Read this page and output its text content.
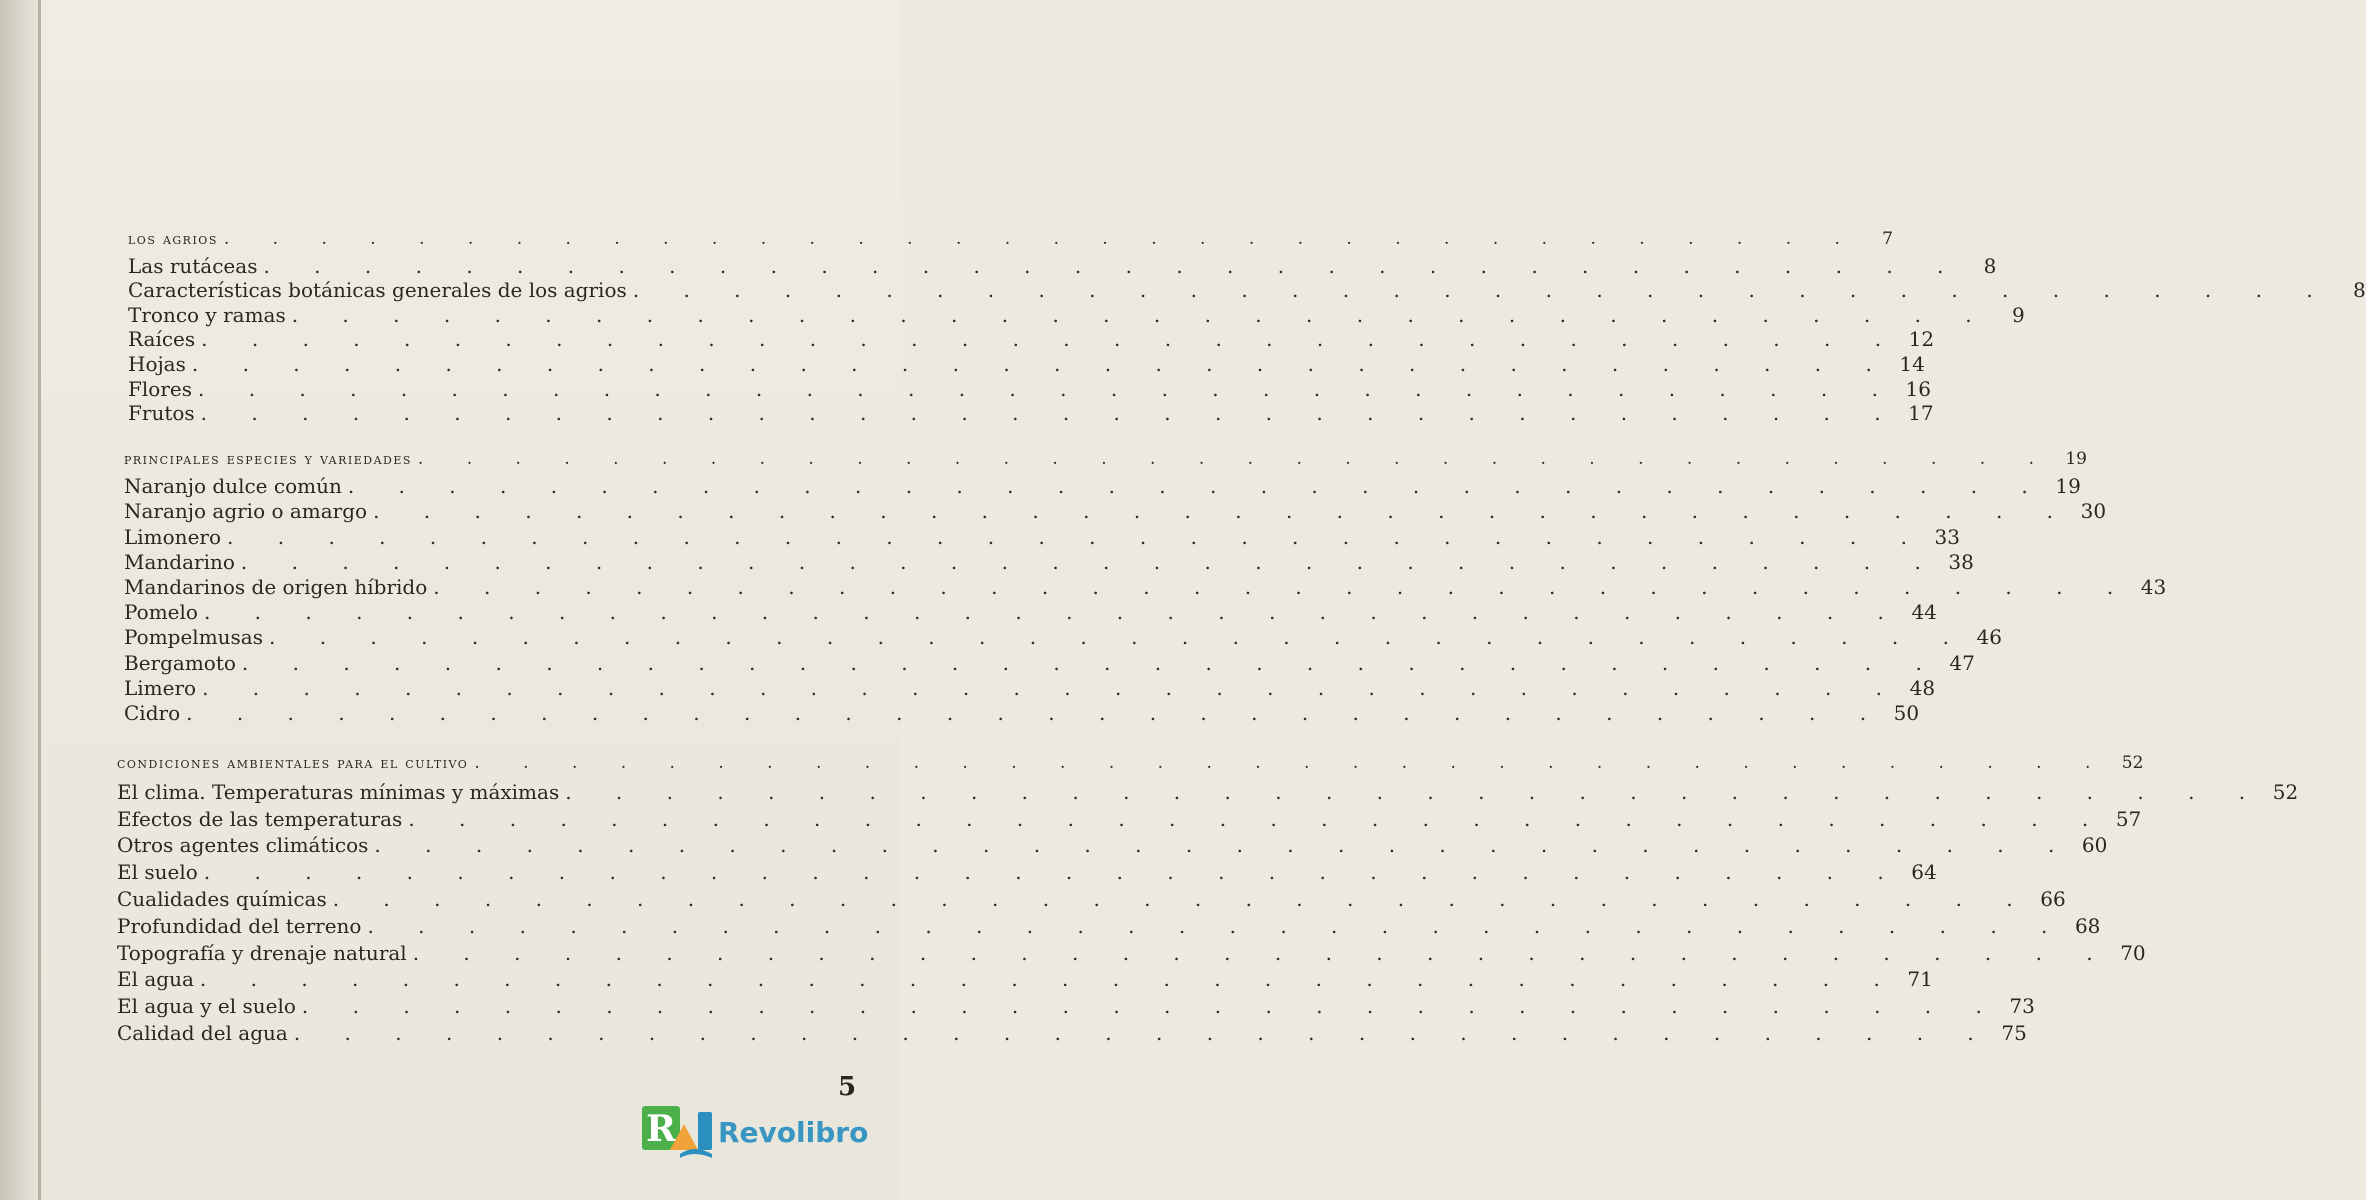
los agrios . . . . . . . . . . . . . . . . . . . . . . . . . . . . . . . . . .	7
Las rutáceas . . . . . . . . . . . . . . . . . . . . . . . . . . . . . . . . . .	8
Características botánicas generales de los agrios . . . . . . . . . . . . . . . . . . . . . . . . . . . . . . . . . .	8
Tronco y ramas . . . . . . . . . . . . . . . . . . . . . . . . . . . . . . . . . .	9
Raíces . . . . . . . . . . . . . . . . . . . . . . . . . . . . . . . . . . 12
Hojas . . . . . . . . . . . . . . . . . . . . . . . . . . . . . . . . . . 14
Flores . . . . . . . . . . . . . . . . . . . . . . . . . . . . . . . . . . 16
Frutos . . . . . . . . . . . . . . . . . . . . . . . . . . . . . . . . . . 17
principales especies y variedades . . . . . . . . . . . . . . . . . . . . . . . . . . . . . . . . . . 19
Naranjo dulce común . . . . . . . . . . . . . . . . . . . . . . . . . . . . . . . . . . 19
Naranjo agrio o amargo . . . . . . . . . . . . . . . . . . . . . . . . . . . . . . . . . . 30
Limonero . . . . . . . . . . . . . . . . . . . . . . . . . . . . . . . . . . 33
Mandarino . . . . . . . . . . . . . . . . . . . . . . . . . . . . . . . . . . 38
Mandarinos de origen híbrido . . . . . . . . . . . . . . . . . . . . . . . . . . . . . . . . . . 43
Pomelo . . . . . . . . . . . . . . . . . . . . . . . . . . . . . . . . . . 44
Pompelmusas . . . . . . . . . . . . . . . . . . . . . . . . . . . . . . . . . . 46
Bergamoto . . . . . . . . . . . . . . . . . . . . . . . . . . . . . . . . . . 47
Limero . . . . . . . . . . . . . . . . . . . . . . . . . . . . . . . . . . 48
Cidro . . . . . . . . . . . . . . . . . . . . . . . . . . . . . . . . . . 50
condiciones ambientales para el cultivo . . . . . . . . . . . . . . . . . . . . . . . . . . . . . . . . . . 52
El clima. Temperaturas mínimas y máximas . . . . . . . . . . . . . . . . . . . . . . . . . . . . . . . . . . 52
Efectos de las temperaturas . . . . . . . . . . . . . . . . . . . . . . . . . . . . . . . . . . 57
Otros agentes climáticos . . . . . . . . . . . . . . . . . . . . . . . . . . . . . . . . . . 60
El suelo . . . . . . . . . . . . . . . . . . . . . . . . . . . . . . . . . . 64
Cualidades químicas . . . . . . . . . . . . . . . . . . . . . . . . . . . . . . . . . . 66
Profundidad del terreno . . . . . . . . . . . . . . . . . . . . . . . . . . . . . . . . . . 68
Topografía y drenaje natural . . . . . . . . . . . . . . . . . . . . . . . . . . . . . . . . . . 70
El agua . . . . . . . . . . . . . . . . . . . . . . . . . . . . . . . . . . 71
El agua y el suelo . . . . . . . . . . . . . . . . . . . . . . . . . . . . . . . . . . 73
Calidad del agua . . . . . . . . . . . . . . . . . . . . . . . . . . . . . . . . . . 75
5
R Revolibro
